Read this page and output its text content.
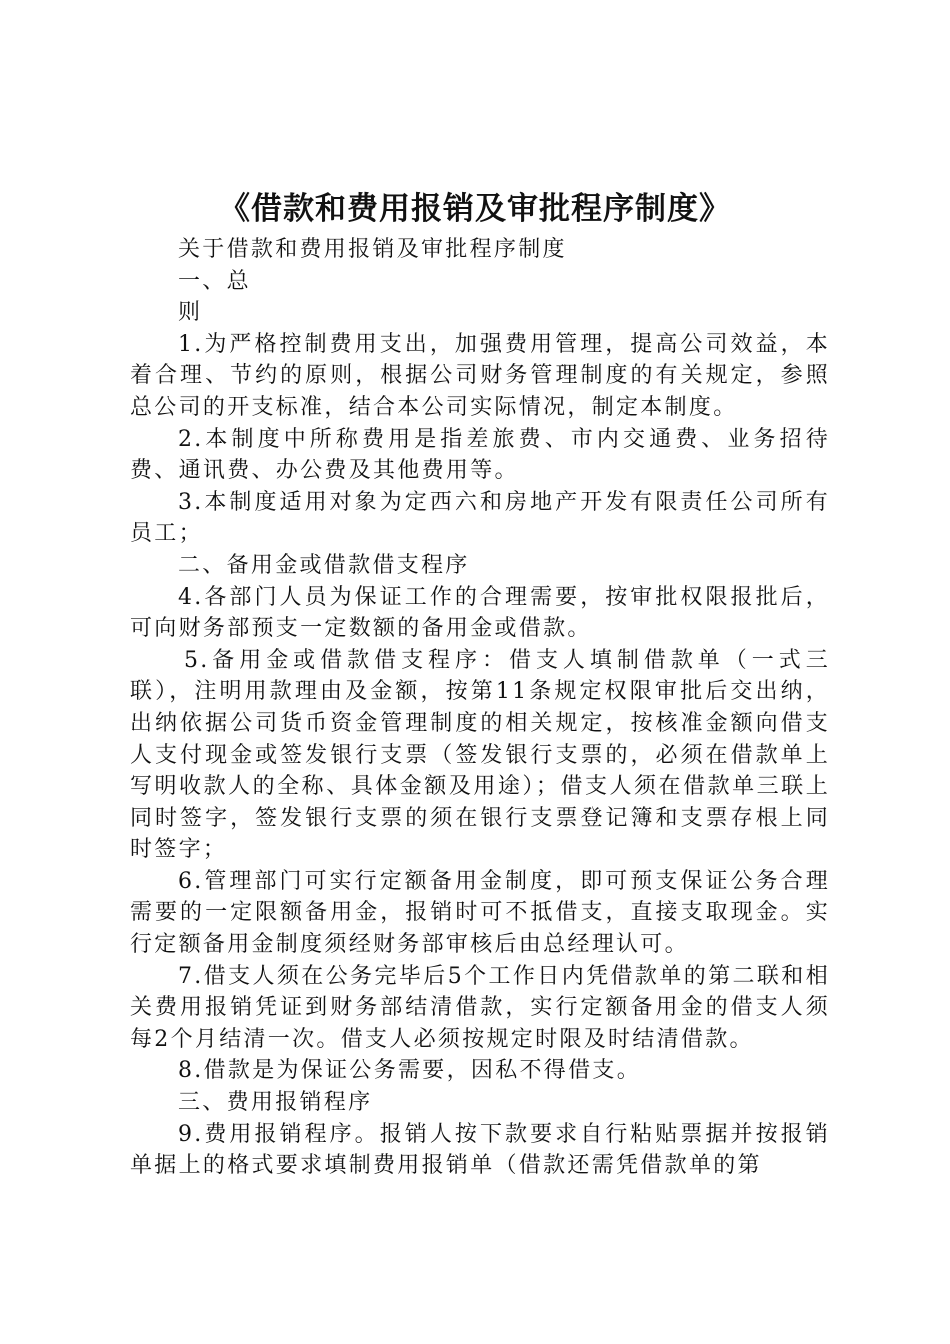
《借款和费用报销及审批程序制度》

关于借款和费用报销及审批程序制度

一、总

则

1.为严格控制费用支出，加强费用管理，提高公司效益，本着合理、节约的原则，根据公司财务管理制度的有关规定，参照总公司的开支标准，结合本公司实际情况，制定本制度。

2.本制度中所称费用是指差旅费、市内交通费、业务招待费、通讯费、办公费及其他费用等。

3.本制度适用对象为定西六和房地产开发有限责任公司所有员工；

二、备用金或借款借支程序

4.各部门人员为保证工作的合理需要，按审批权限报批后，可向财务部预支一定数额的备用金或借款。

5.备用金或借款借支程序：借支人填制借款单（一式三联），注明用款理由及金额，按第11条规定权限审批后交出纳，出纳依据公司货币资金管理制度的相关规定，按核准金额向借支人支付现金或签发银行支票（签发银行支票的，必须在借款单上写明收款人的全称、具体金额及用途）；借支人须在借款单三联上同时签字，签发银行支票的须在银行支票登记簿和支票存根上同时签字；

6.管理部门可实行定额备用金制度，即可预支保证公务合理需要的一定限额备用金，报销时可不抵借支，直接支取现金。实行定额备用金制度须经财务部审核后由总经理认可。

7.借支人须在公务完毕后5个工作日内凭借款单的第二联和相关费用报销凭证到财务部结清借款，实行定额备用金的借支人须每2个月结清一次。借支人必须按规定时限及时结清借款。

8.借款是为保证公务需要，因私不得借支。

三、费用报销程序

9.费用报销程序。报销人按下款要求自行粘贴票据并按报销单据上的格式要求填制费用报销单（借款还需凭借款单的第
